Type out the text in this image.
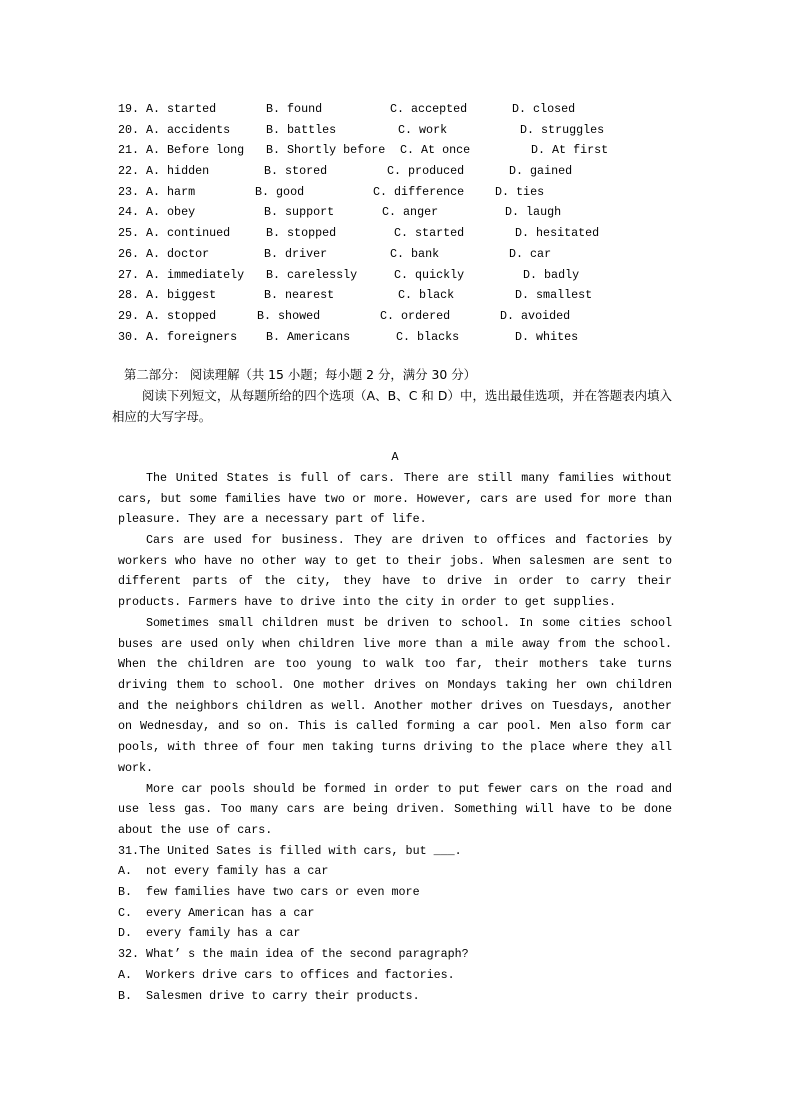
19. A. started	B. found	C. accepted	D. closed
20. A. accidents	B. battles	C. work	D. struggles
21. A. Before long B. Shortly before C. At once	D. At first
22. A. hidden	B. stored	C. produced	D. gained
23. A. harm	B. good	C. difference	D. ties
24. A. obey	B. support	C. anger	D. laugh
25. A. continued	B. stopped	C. started	D. hesitated
26. A. doctor	B. driver	C. bank	D. car
27. A. immediately B. carelessly	C. quickly	D. badly
28. A. biggest	B. nearest	C. black	D. smallest
29. A. stopped	B. showed	C. ordered	D. avoided
30. A. foreigners B. Americans	C. blacks	D. whites
第二部分： 阅读理解（共 15 小题；每小题 2 分，满分 30 分）
阅读下列短文，从每题所给的四个选项（A、B、C 和 D）中，选出最佳选项，并在答题表内填入相应的大写字母。
A
The United States is full of cars. There are still many families without cars, but some families have two or more. However, cars are used for more than pleasure. They are a necessary part of life.
Cars are used for business. They are driven to offices and factories by workers who have no other way to get to their jobs. When salesmen are sent to different parts of the city, they have to drive in order to carry their products. Farmers have to drive into the city in order to get supplies.
Sometimes small children must be driven to school. In some cities school buses are used only when children live more than a mile away from the school. When the children are too young to walk too far, their mothers take turns driving them to school. One mother drives on Mondays taking her own children and the neighbors children as well. Another mother drives on Tuesdays, another on Wednesday, and so on. This is called forming a car pool. Men also form car pools, with three of four men taking turns driving to the place where they all work.
More car pools should be formed in order to put fewer cars on the road and use less gas. Too many cars are being driven. Something will have to be done about the use of cars.
31.The United Sates is filled with cars, but ___.
A.  not every family has a car
B.  few families have two cars or even more
C.  every American has a car
D.  every family has a car
32. What’ s the main idea of the second paragraph?
A.  Workers drive cars to offices and factories.
B.  Salesmen drive to carry their products.
